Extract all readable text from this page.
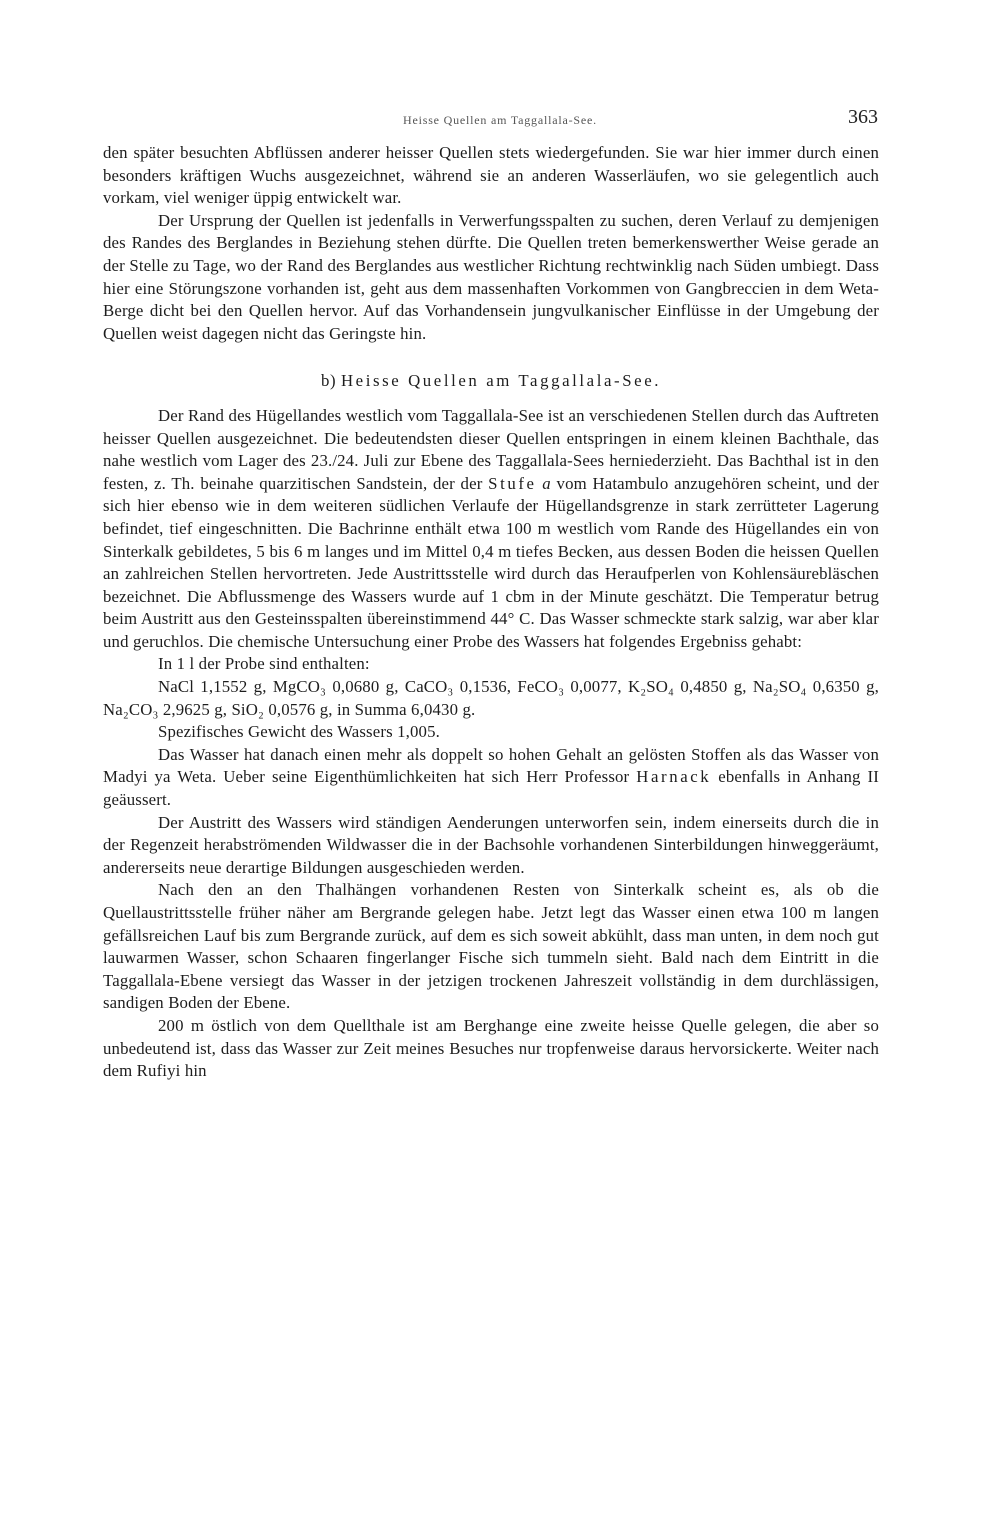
Heisse Quellen am Taggallala-See.	363

den später besuchten Abflüssen anderer heisser Quellen stets wiedergefunden. Sie war hier immer durch einen besonders kräftigen Wuchs ausgezeichnet, während sie an anderen Wasserläufen, wo sie gelegentlich auch vorkam, viel weniger üppig entwickelt war.

Der Ursprung der Quellen ist jedenfalls in Verwerfungsspalten zu suchen, deren Verlauf zu demjenigen des Randes des Berglandes in Beziehung stehen dürfte. Die Quellen treten bemerkenswerther Weise gerade an der Stelle zu Tage, wo der Rand des Berglandes aus westlicher Richtung rechtwinklig nach Süden umbiegt. Dass hier eine Störungszone vorhanden ist, geht aus dem massenhaften Vorkommen von Gangbreccien in dem Weta-Berge dicht bei den Quellen hervor. Auf das Vorhandensein jungvulkanischer Einflüsse in der Umgebung der Quellen weist dagegen nicht das Geringste hin.

b) Heisse Quellen am Taggallala-See.

Der Rand des Hügellandes westlich vom Taggallala-See ist an verschiedenen Stellen durch das Auftreten heisser Quellen ausgezeichnet. Die bedeutendsten dieser Quellen entspringen in einem kleinen Bachthale, das nahe westlich vom Lager des 23./24. Juli zur Ebene des Taggallala-Sees herniederzieht. Das Bachthal ist in den festen, z. Th. beinahe quarzitischen Sandstein, der der Stufe a vom Hatambulo anzugehören scheint, und der sich hier ebenso wie in dem weiteren südlichen Verlaufe der Hügellandsgrenze in stark zerrütteter Lagerung befindet, tief eingeschnitten. Die Bachrinne enthält etwa 100 m westlich vom Rande des Hügellandes ein von Sinterkalk gebildetes, 5 bis 6 m langes und im Mittel 0,4 m tiefes Becken, aus dessen Boden die heissen Quellen an zahlreichen Stellen hervortreten. Jede Austrittsstelle wird durch das Heraufperlen von Kohlensäurebläschen bezeichnet. Die Abflussmenge des Wassers wurde auf 1 cbm in der Minute geschätzt. Die Temperatur betrug beim Austritt aus den Gesteinsspalten übereinstimmend 44° C. Das Wasser schmeckte stark salzig, war aber klar und geruchlos. Die chemische Untersuchung einer Probe des Wassers hat folgendes Ergebniss gehabt:

In 1 l der Probe sind enthalten:

NaCl 1,1552 g, MgCO₃ 0,0680 g, CaCO₃ 0,1536, FeCO₃ 0,0077, K₂SO₄ 0,4850 g, Na₂SO₄ 0,6350 g, Na₂CO₃ 2,9625 g, SiO₂ 0,0576 g, in Summa 6,0430 g.

Spezifisches Gewicht des Wassers 1,005.

Das Wasser hat danach einen mehr als doppelt so hohen Gehalt an gelösten Stoffen als das Wasser von Madyi ya Weta. Ueber seine Eigenthümlichkeiten hat sich Herr Professor Harnack ebenfalls in Anhang II geäussert.

Der Austritt des Wassers wird ständigen Aenderungen unterworfen sein, indem einerseits durch die in der Regenzeit herabströmenden Wildwasser die in der Bachsohle vorhandenen Sinterbildungen hinweggeräumt, andererseits neue derartige Bildungen ausgeschieden werden.

Nach den an den Thalhängen vorhandenen Resten von Sinterkalk scheint es, als ob die Quellaustrittsstelle früher näher am Bergrande gelegen habe. Jetzt legt das Wasser einen etwa 100 m langen gefällsreichen Lauf bis zum Bergrande zurück, auf dem es sich soweit abkühlt, dass man unten, in dem noch gut lauwarmen Wasser, schon Schaaren fingerlanger Fische sich tummeln sieht. Bald nach dem Eintritt in die Taggallala-Ebene versiegt das Wasser in der jetzigen trockenen Jahreszeit vollständig in dem durchlässigen, sandigen Boden der Ebene.

200 m östlich von dem Quellthale ist am Berghange eine zweite heisse Quelle gelegen, die aber so unbedeutend ist, dass das Wasser zur Zeit meines Besuches nur tropfenweise daraus hervorsickerte. Weiter nach dem Rufiyi hin
